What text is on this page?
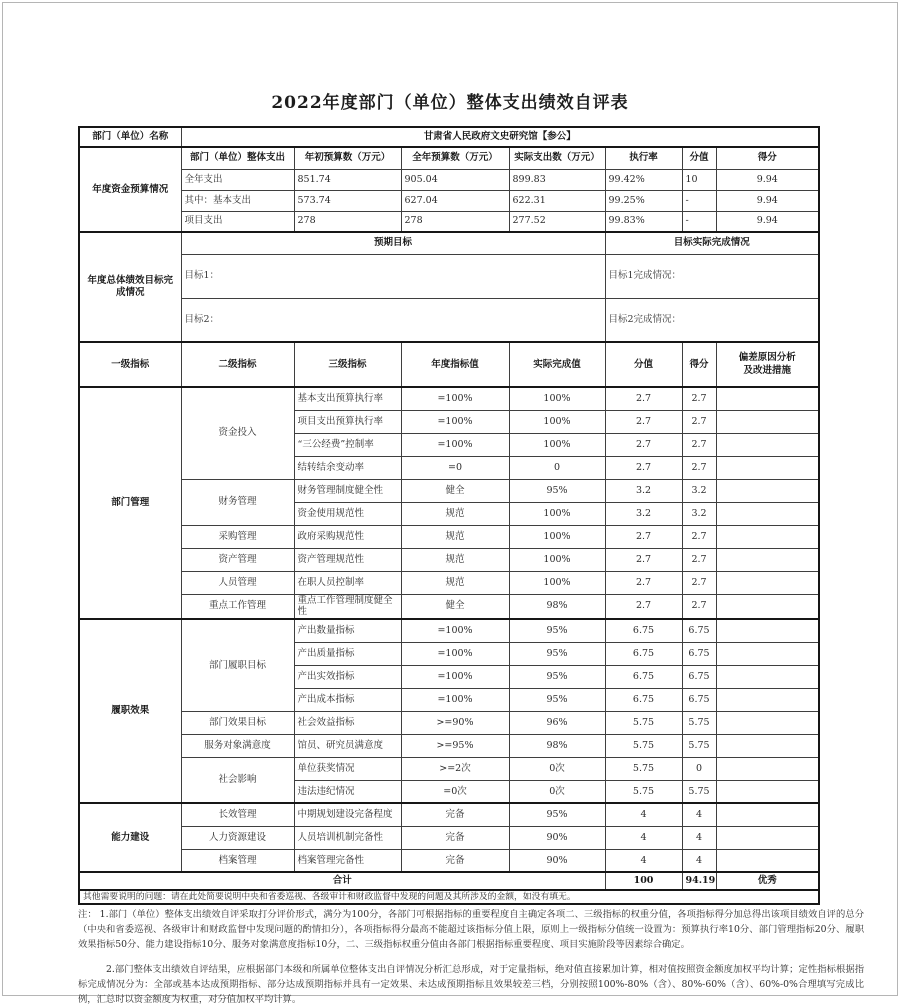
2022年度部门（单位）整体支出绩效自评表
部门（单位）名称	甘肃省人民政府文史研究馆【参公】						
年度资金预算情况	部门（单位）整体支出	年初预算数（万元）	全年预算数（万元）	实际支出数（万元）	执行率	分值	得分
	全年支出	851.74	905.04	899.83	99.42%	10	9.94
	其中：基本支出	573.74	627.04	622.31	99.25%	-	9.94
	项目支出	278	278	277.52	99.83%	-	9.94
年度总体绩效目标完成情况	预期目标				目标实际完成情况		
	目标1：				目标1完成情况：		
	目标2：				目标2完成情况：		
一级指标	二级指标	三级指标	年度指标值	实际完成值	分值	得分	偏差原因分析
及改进措施

部门管理	资金投入	基本支出预算执行率	=100%	100%	2.7	2.7	
		项目支出预算执行率	=100%	100%	2.7	2.7	
		“三公经费”控制率	=100%	100%	2.7	2.7	
		结转结余变动率	=0	0	2.7	2.7	
	财务管理	财务管理制度健全性	健全	95%	3.2	3.2	
		资金使用规范性	规范	100%	3.2	3.2	
	采购管理	政府采购规范性	规范	100%	2.7	2.7	
	资产管理	资产管理规范性	规范	100%	2.7	2.7	
	人员管理	在职人员控制率	规范	100%	2.7	2.7	
	重点工作管理	重点工作管理制度健全性	健全	98%	2.7	2.7	
履职效果	部门履职目标	产出数量指标	=100%	95%	6.75	6.75	
		产出质量指标	=100%	95%	6.75	6.75	
		产出实效指标	=100%	95%	6.75	6.75	
		产出成本指标	=100%	95%	6.75	6.75	
	部门效果目标	社会效益指标	>=90%	96%	5.75	5.75	
	服务对象满意度	馆员、研究员满意度	>=95%	98%	5.75	5.75	
	社会影响	单位获奖情况	>=2次	0次	5.75	0	
		违法违纪情况	=0次	0次	5.75	5.75	
能力建设	长效管理	中期规划建设完备程度	完备	95%	4	4	
	人力资源建设	人员培训机制完备性	完备	90%	4	4	
	档案管理	档案管理完备性	完备	90%	4	4	
合计					100	94.19	优秀
其他需要说明的问题：请在此处简要说明中央和省委巡视、各级审计和财政监督中发现的问题及其所涉及的金额，如没有填无。							

注： 1.部门（单位）整体支出绩效自评采取打分评价形式，满分为100分，各部门可根据指标的重要程度自主确定各项二、三级指标的权重分值，各项指标得分加总得出该项目绩效自评的总分（中央和省委巡视、各级审计和财政监督中发现问题的酌情扣分），各项指标得分最高不能超过该指标分值上限，原则上一级指标分值统一设置为：预算执行率10分、部门管理指标20分、履职效果指标50分、能力建设指标10分、服务对象满意度指标10分，二、三级指标权重分值由各部门根据指标重要程度、项目实施阶段等因素综合确定。

2.部门整体支出绩效自评结果，应根据部门本级和所属单位整体支出自评情况分析汇总形成，对于定量指标，绝对值直接累加计算，相对值按照资金额度加权平均计算；定性指标根据指标完成情况分为：全部或基本达成预期指标、部分达成预期指标并具有一定效果、未达成预期指标且效果较差三档，分别按照100%-80%（含）、80%-60%（含）、60%-0%合理填写完成比例，汇总时以资金额度为权重，对分值加权平均计算。
